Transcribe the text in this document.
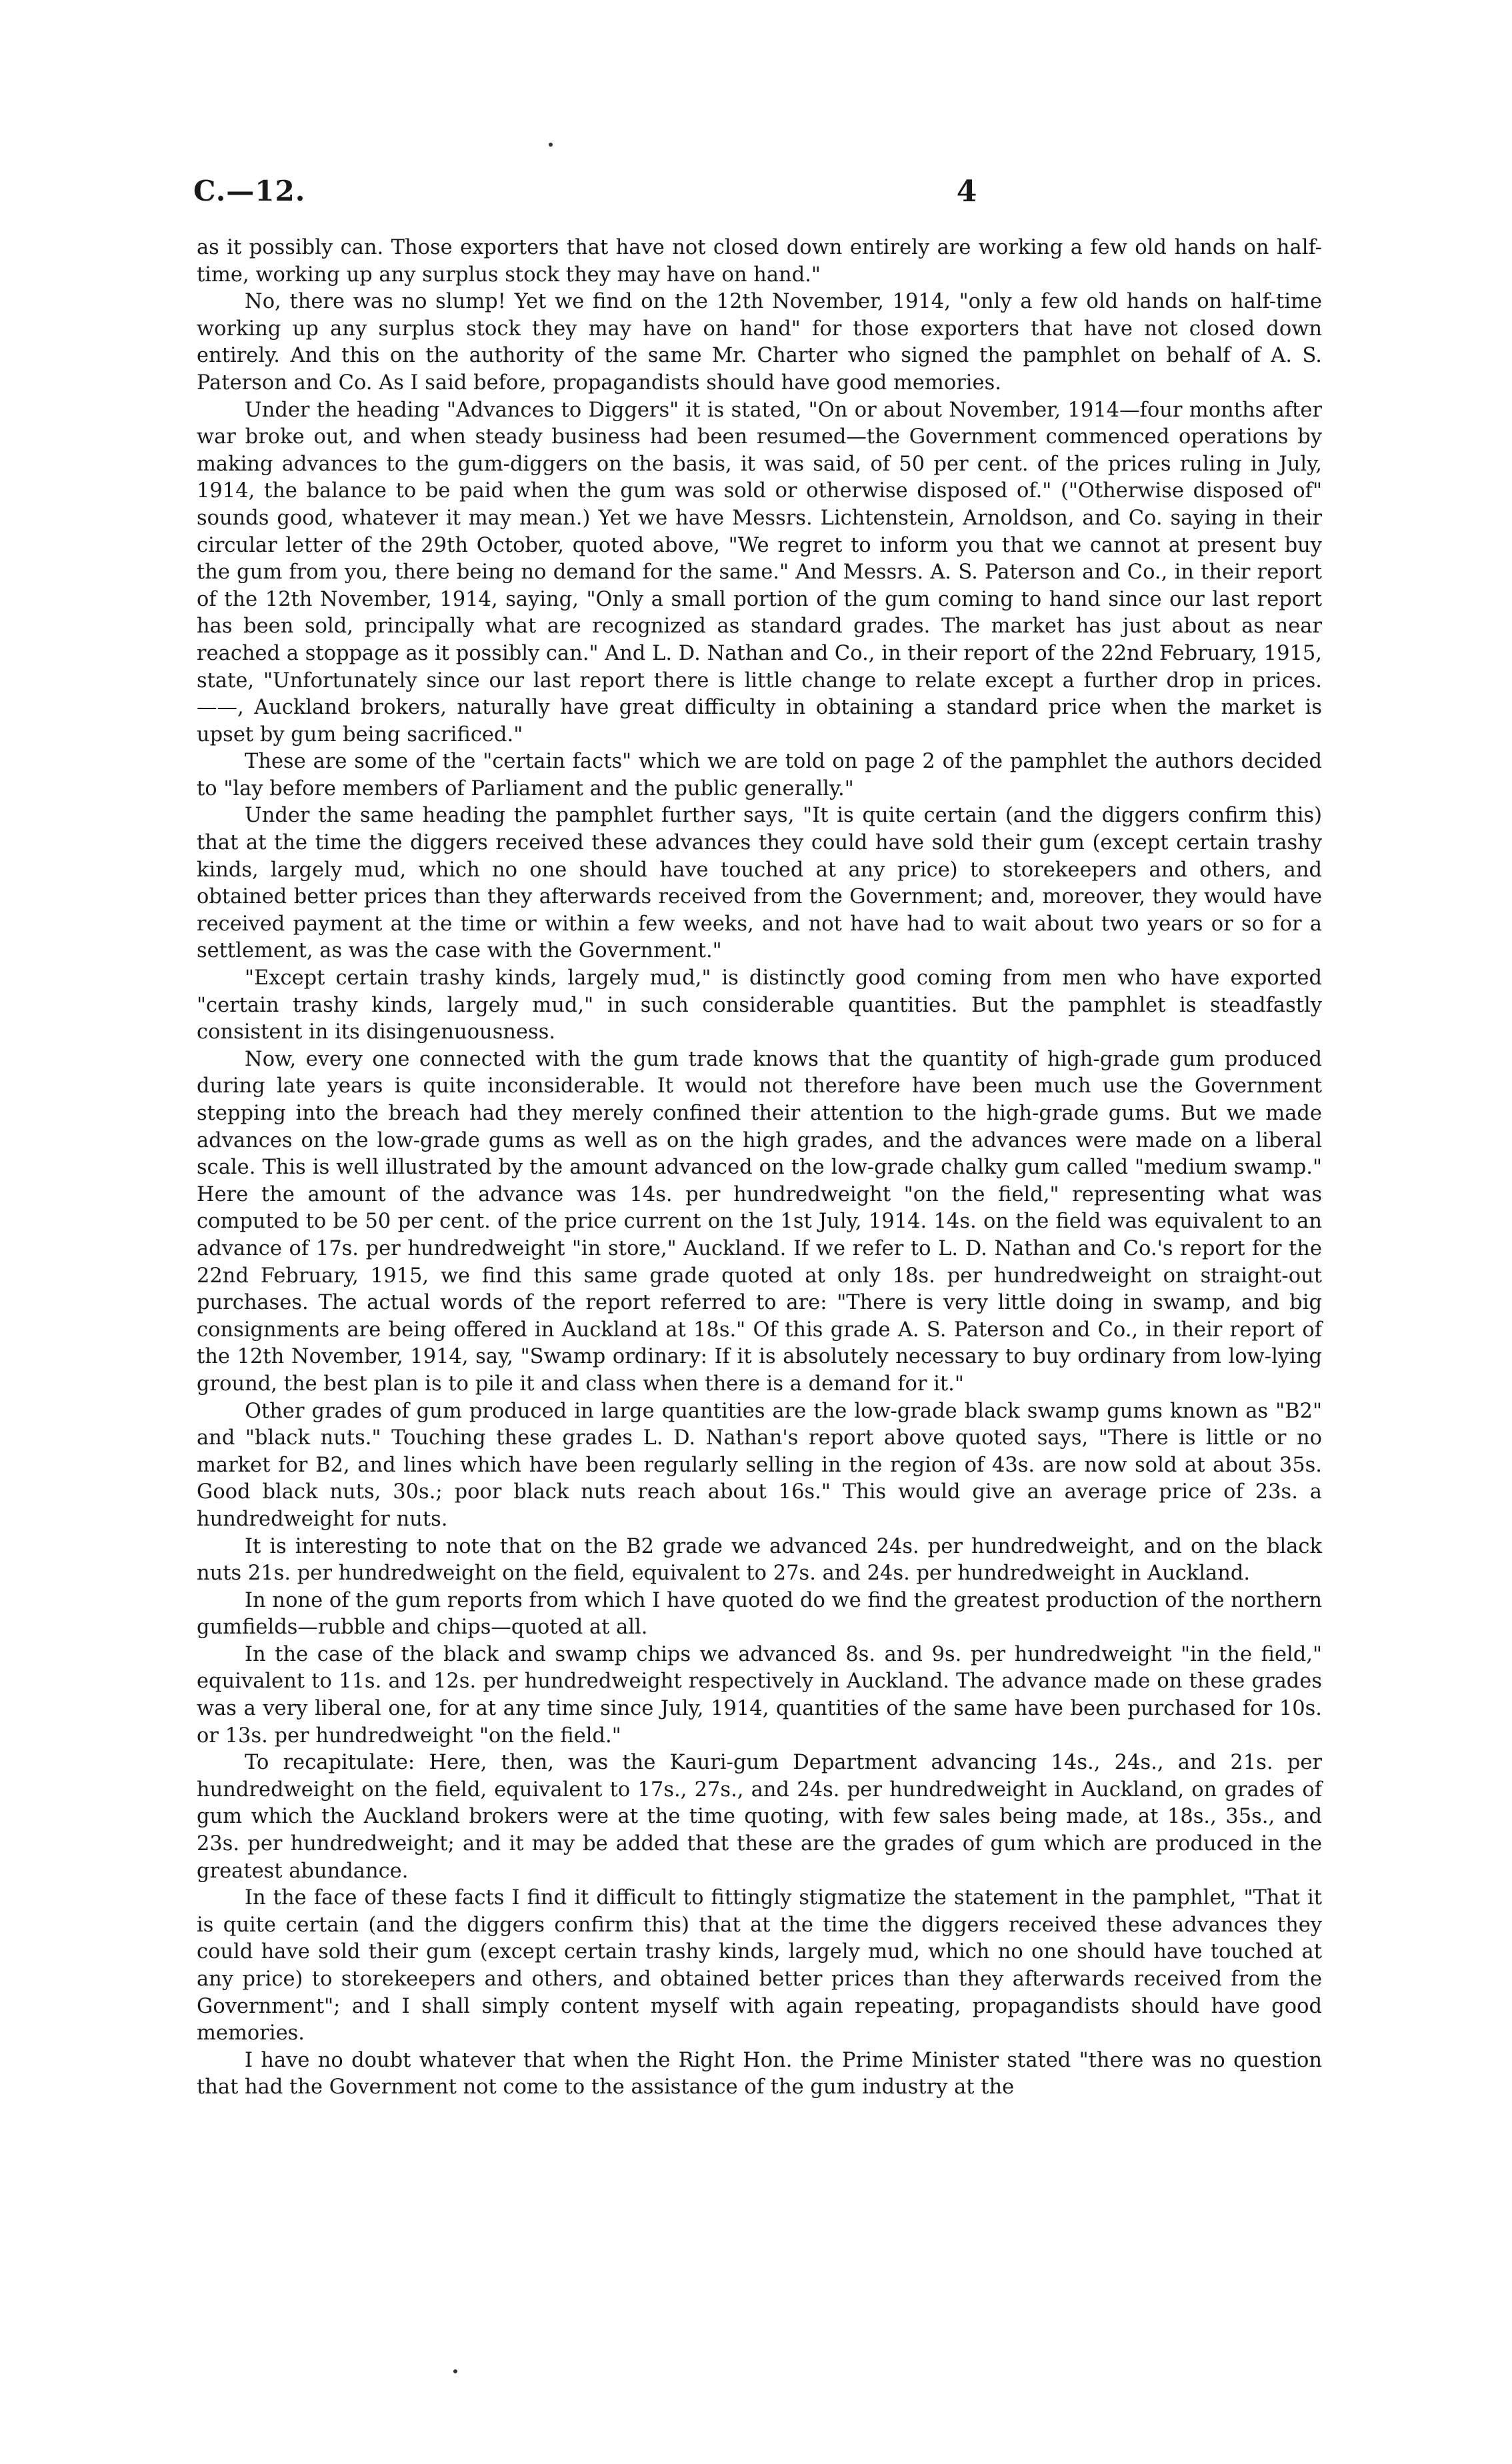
C.—12.	4

as it possibly can. Those exporters that have not closed down entirely are working a few old hands on half-time, working up any surplus stock they may have on hand."

No, there was no slump! Yet we find on the 12th November, 1914, "only a few old hands on half-time working up any surplus stock they may have on hand" for those exporters that have not closed down entirely. And this on the authority of the same Mr. Charter who signed the pamphlet on behalf of A. S. Paterson and Co. As I said before, propagandists should have good memories.

Under the heading "Advances to Diggers" it is stated, "On or about November, 1914—four months after war broke out, and when steady business had been resumed—the Government commenced operations by making advances to the gum-diggers on the basis, it was said, of 50 per cent. of the prices ruling in July, 1914, the balance to be paid when the gum was sold or otherwise disposed of." ("Otherwise disposed of" sounds good, whatever it may mean.) Yet we have Messrs. Lichtenstein, Arnoldson, and Co. saying in their circular letter of the 29th October, quoted above, "We regret to inform you that we cannot at present buy the gum from you, there being no demand for the same." And Messrs. A. S. Paterson and Co., in their report of the 12th November, 1914, saying, "Only a small portion of the gum coming to hand since our last report has been sold, principally what are recognized as standard grades. The market has just about as near reached a stoppage as it possibly can." And L. D. Nathan and Co., in their report of the 22nd February, 1915, state, "Unfortunately since our last report there is little change to relate except a further drop in prices. ——, Auckland brokers, naturally have great difficulty in obtaining a standard price when the market is upset by gum being sacrificed."

These are some of the "certain facts" which we are told on page 2 of the pamphlet the authors decided to "lay before members of Parliament and the public generally."

Under the same heading the pamphlet further says, "It is quite certain (and the diggers confirm this) that at the time the diggers received these advances they could have sold their gum (except certain trashy kinds, largely mud, which no one should have touched at any price) to storekeepers and others, and obtained better prices than they afterwards received from the Government; and, moreover, they would have received payment at the time or within a few weeks, and not have had to wait about two years or so for a settlement, as was the case with the Government."

"Except certain trashy kinds, largely mud," is distinctly good coming from men who have exported "certain trashy kinds, largely mud," in such considerable quantities. But the pamphlet is steadfastly consistent in its disingenuousness.

Now, every one connected with the gum trade knows that the quantity of high-grade gum produced during late years is quite inconsiderable. It would not therefore have been much use the Government stepping into the breach had they merely confined their attention to the high-grade gums. But we made advances on the low-grade gums as well as on the high grades, and the advances were made on a liberal scale. This is well illustrated by the amount advanced on the low-grade chalky gum called "medium swamp." Here the amount of the advance was 14s. per hundredweight "on the field," representing what was computed to be 50 per cent. of the price current on the 1st July, 1914. 14s. on the field was equivalent to an advance of 17s. per hundredweight "in store," Auckland. If we refer to L. D. Nathan and Co.'s report for the 22nd February, 1915, we find this same grade quoted at only 18s. per hundredweight on straight-out purchases. The actual words of the report referred to are: "There is very little doing in swamp, and big consignments are being offered in Auckland at 18s." Of this grade A. S. Paterson and Co., in their report of the 12th November, 1914, say, "Swamp ordinary: If it is absolutely necessary to buy ordinary from low-lying ground, the best plan is to pile it and class when there is a demand for it."

Other grades of gum produced in large quantities are the low-grade black swamp gums known as "B2" and "black nuts." Touching these grades L. D. Nathan's report above quoted says, "There is little or no market for B2, and lines which have been regularly selling in the region of 43s. are now sold at about 35s. Good black nuts, 30s.; poor black nuts reach about 16s." This would give an average price of 23s. a hundredweight for nuts.

It is interesting to note that on the B2 grade we advanced 24s. per hundredweight, and on the black nuts 21s. per hundredweight on the field, equivalent to 27s. and 24s. per hundredweight in Auckland.

In none of the gum reports from which I have quoted do we find the greatest production of the northern gumfields—rubble and chips—quoted at all.

In the case of the black and swamp chips we advanced 8s. and 9s. per hundredweight "in the field," equivalent to 11s. and 12s. per hundredweight respectively in Auckland. The advance made on these grades was a very liberal one, for at any time since July, 1914, quantities of the same have been purchased for 10s. or 13s. per hundredweight "on the field."

To recapitulate: Here, then, was the Kauri-gum Department advancing 14s., 24s., and 21s. per hundredweight on the field, equivalent to 17s., 27s., and 24s. per hundredweight in Auckland, on grades of gum which the Auckland brokers were at the time quoting, with few sales being made, at 18s., 35s., and 23s. per hundredweight; and it may be added that these are the grades of gum which are produced in the greatest abundance.

In the face of these facts I find it difficult to fittingly stigmatize the statement in the pamphlet, "That it is quite certain (and the diggers confirm this) that at the time the diggers received these advances they could have sold their gum (except certain trashy kinds, largely mud, which no one should have touched at any price) to storekeepers and others, and obtained better prices than they afterwards received from the Government"; and I shall simply content myself with again repeating, propagandists should have good memories.

I have no doubt whatever that when the Right Hon. the Prime Minister stated "there was no question that had the Government not come to the assistance of the gum industry at the
